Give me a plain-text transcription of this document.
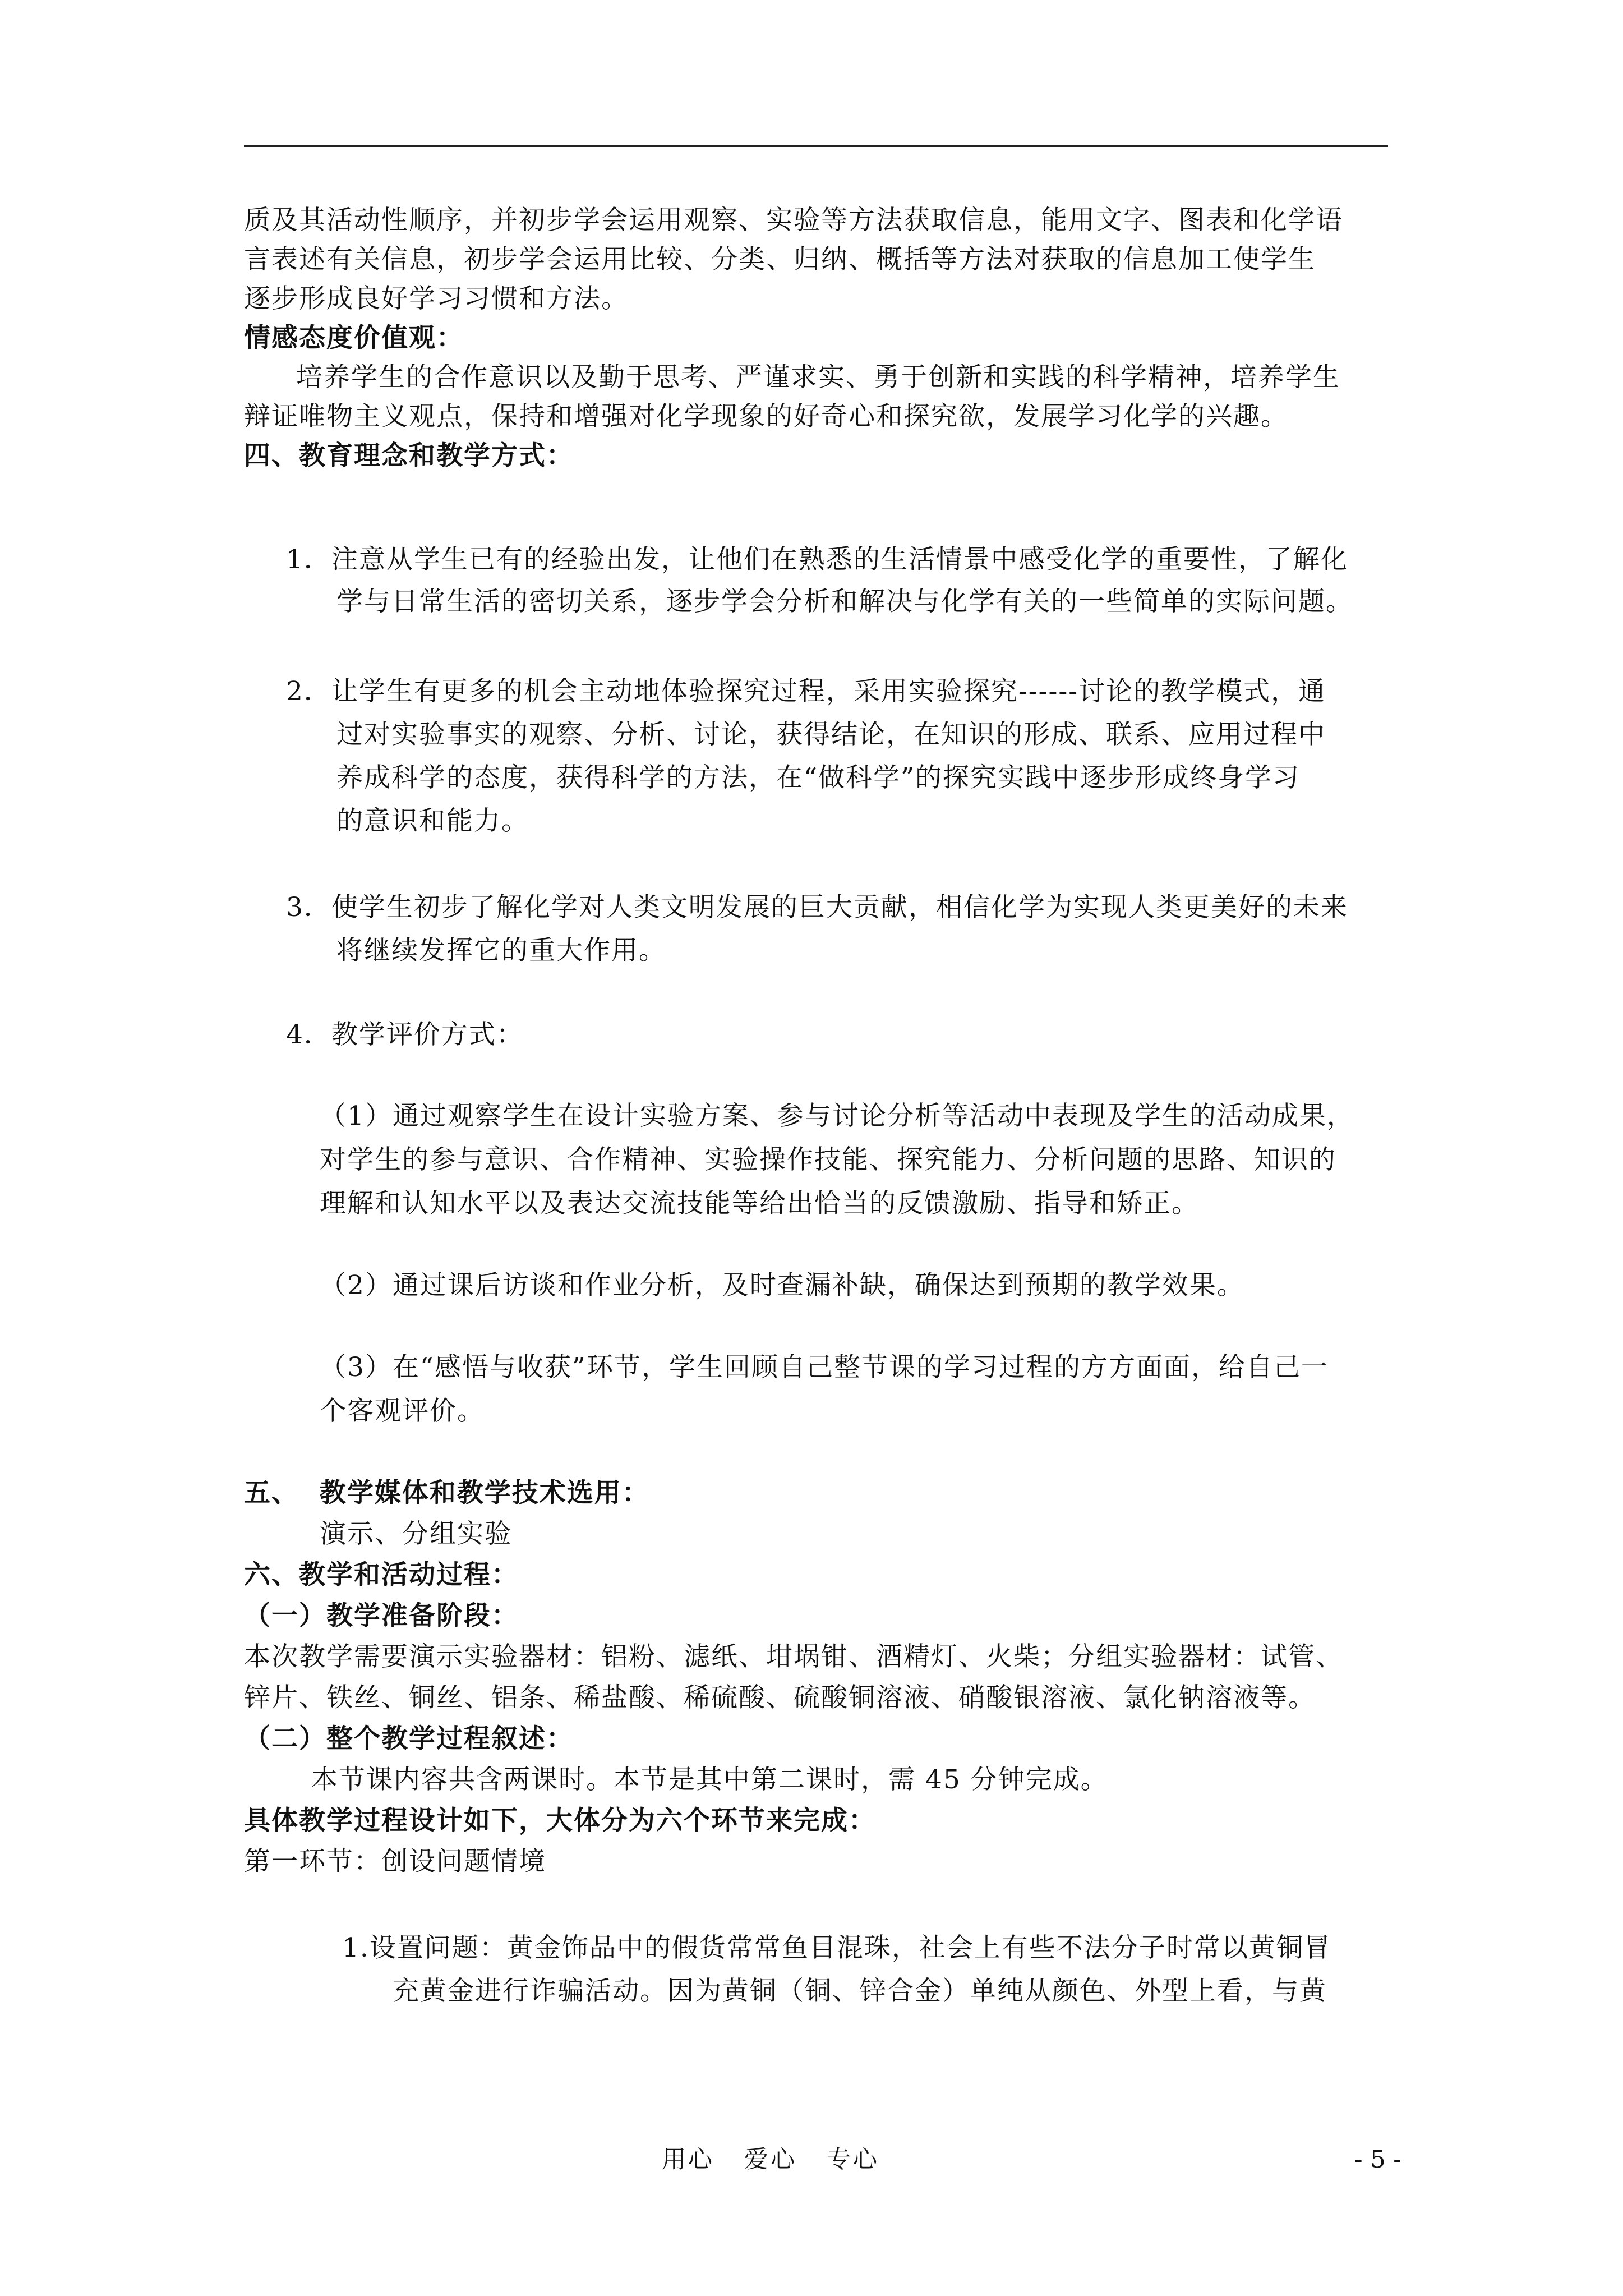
质及其活动性顺序，并初步学会运用观察、实验等方法获取信息，能用文字、图表和化学语

言表述有关信息，初步学会运用比较、分类、归纳、概括等方法对获取的信息加工使学生

逐步形成良好学习习惯和方法。

情感态度价值观：

培养学生的合作意识以及勤于思考、严谨求实、勇于创新和实践的科学精神，培养学生

辩证唯物主义观点，保持和增强对化学现象的好奇心和探究欲，发展学习化学的兴趣。

四、教育理念和教学方式：

1．注意从学生已有的经验出发，让他们在熟悉的生活情景中感受化学的重要性，了解化

学与日常生活的密切关系，逐步学会分析和解决与化学有关的一些简单的实际问题。

2．让学生有更多的机会主动地体验探究过程，采用实验探究------讨论的教学模式，通

过对实验事实的观察、分析、讨论，获得结论，在知识的形成、联系、应用过程中

养成科学的态度，获得科学的方法，在“做科学”的探究实践中逐步形成终身学习

的意识和能力。

3．使学生初步了解化学对人类文明发展的巨大贡献，相信化学为实现人类更美好的未来

将继续发挥它的重大作用。

4．教学评价方式：

（1）通过观察学生在设计实验方案、参与讨论分析等活动中表现及学生的活动成果，

对学生的参与意识、合作精神、实验操作技能、探究能力、分析问题的思路、知识的

理解和认知水平以及表达交流技能等给出恰当的反馈激励、指导和矫正。

（2）通过课后访谈和作业分析，及时查漏补缺，确保达到预期的教学效果。

（3）在“感悟与收获”环节，学生回顾自己整节课的学习过程的方方面面，给自己一

个客观评价。

五、  教学媒体和教学技术选用：

演示、分组实验

六、教学和活动过程：

（一）教学准备阶段：

本次教学需要演示实验器材：铝粉、滤纸、坩埚钳、酒精灯、火柴；分组实验器材：试管、

锌片、铁丝、铜丝、铝条、稀盐酸、稀硫酸、硫酸铜溶液、硝酸银溶液、氯化钠溶液等。

（二）整个教学过程叙述：

本节课内容共含两课时。本节是其中第二课时，需 45 分钟完成。

具体教学过程设计如下，大体分为六个环节来完成：

第一环节：创设问题情境

1.设置问题：黄金饰品中的假货常常鱼目混珠，社会上有些不法分子时常以黄铜冒

充黄金进行诈骗活动。因为黄铜（铜、锌合金）单纯从颜色、外型上看，与黄

用心   爱心   专心	- 5 -
